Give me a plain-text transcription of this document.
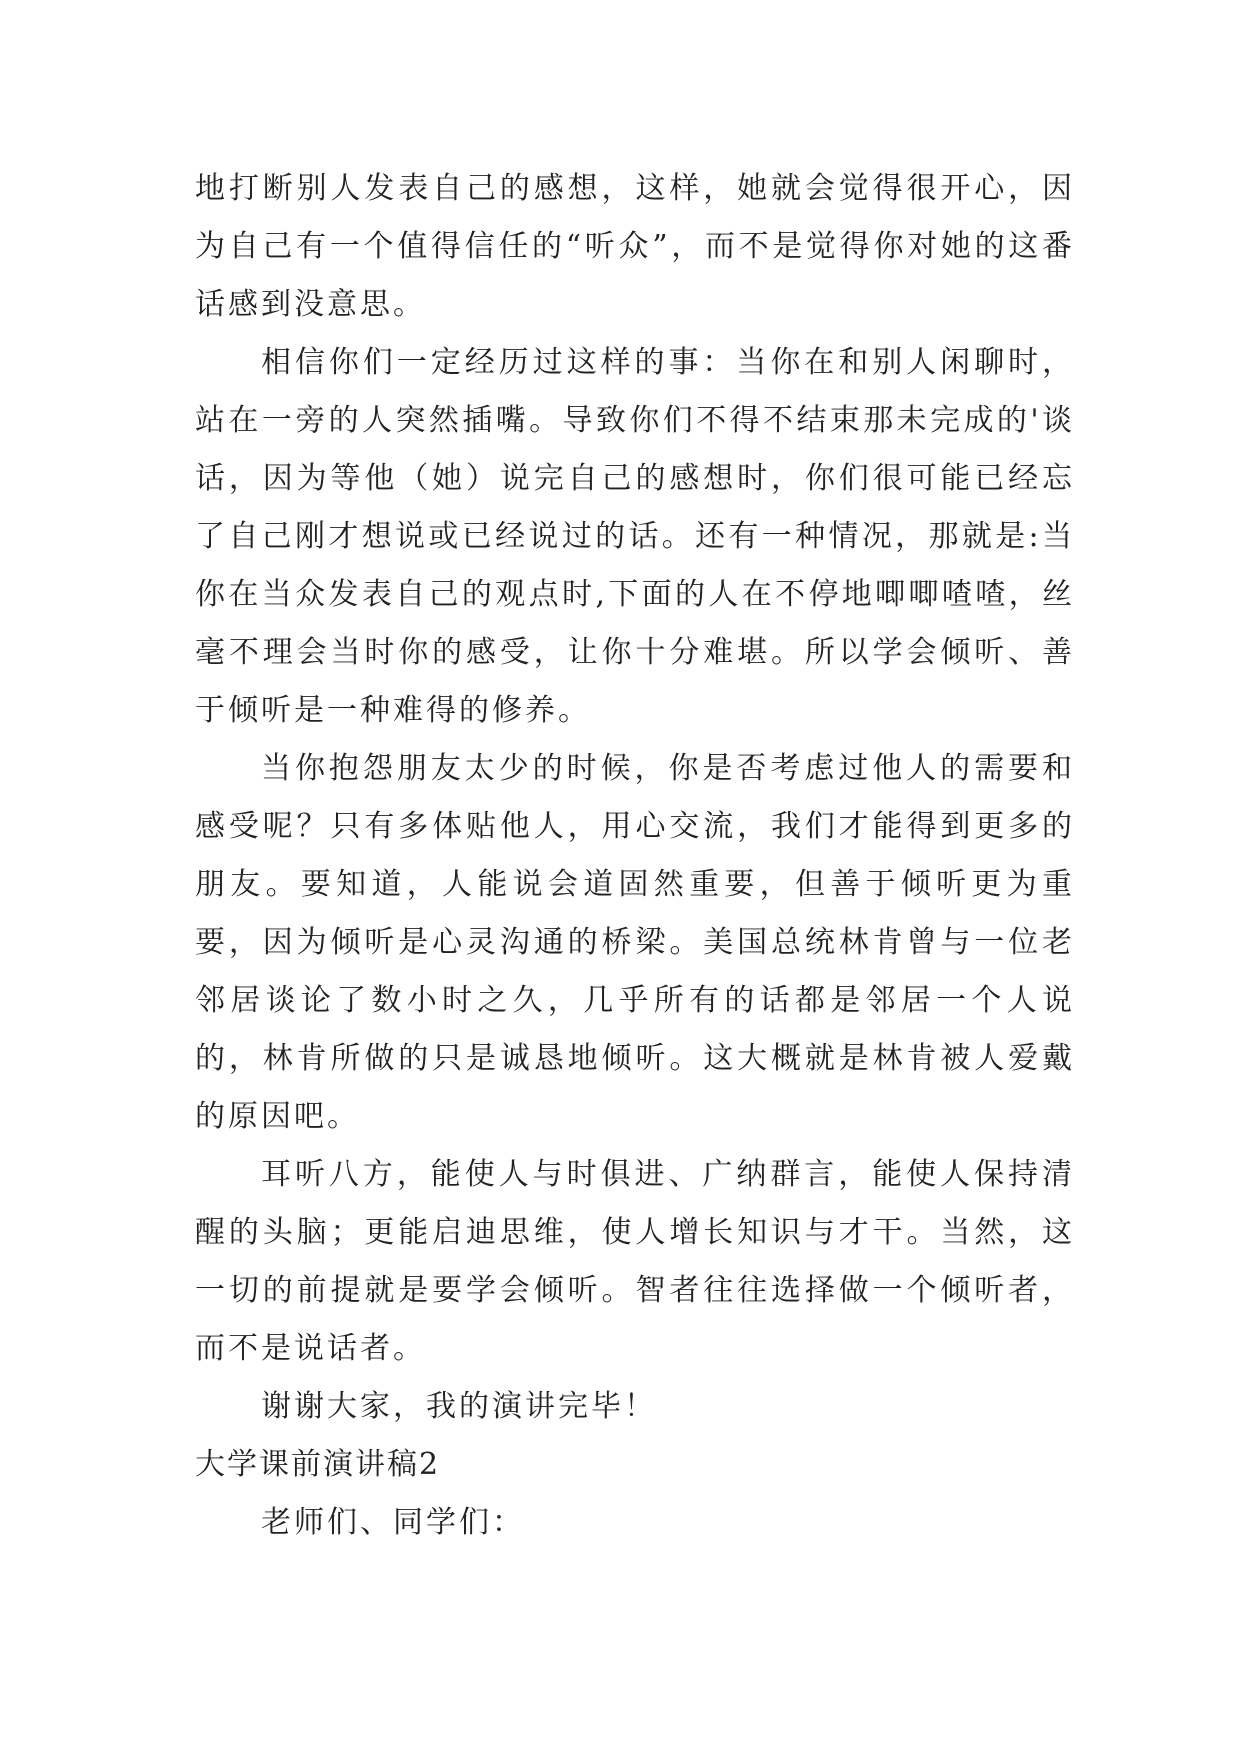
地打断别人发表自己的感想，这样，她就会觉得很开心，因为自己有一个值得信任的“听众”，而不是觉得你对她的这番话感到没意思。

相信你们一定经历过这样的事：当你在和别人闲聊时，站在一旁的人突然插嘴。导致你们不得不结束那未完成的'谈话，因为等他（她）说完自己的感想时，你们很可能已经忘了自己刚才想说或已经说过的话。还有一种情况，那就是:当你在当众发表自己的观点时,下面的人在不停地唧唧喳喳，丝毫不理会当时你的感受，让你十分难堪。所以学会倾听、善于倾听是一种难得的修养。

当你抱怨朋友太少的时候，你是否考虑过他人的需要和感受呢？只有多体贴他人，用心交流，我们才能得到更多的朋友。要知道，人能说会道固然重要，但善于倾听更为重要，因为倾听是心灵沟通的桥梁。美国总统林肯曾与一位老邻居谈论了数小时之久，几乎所有的话都是邻居一个人说的，林肯所做的只是诚恳地倾听。这大概就是林肯被人爱戴的原因吧。

耳听八方，能使人与时俱进、广纳群言，能使人保持清醒的头脑；更能启迪思维，使人增长知识与才干。当然，这一切的前提就是要学会倾听。智者往往选择做一个倾听者，而不是说话者。

谢谢大家，我的演讲完毕！

大学课前演讲稿2

老师们、同学们：
